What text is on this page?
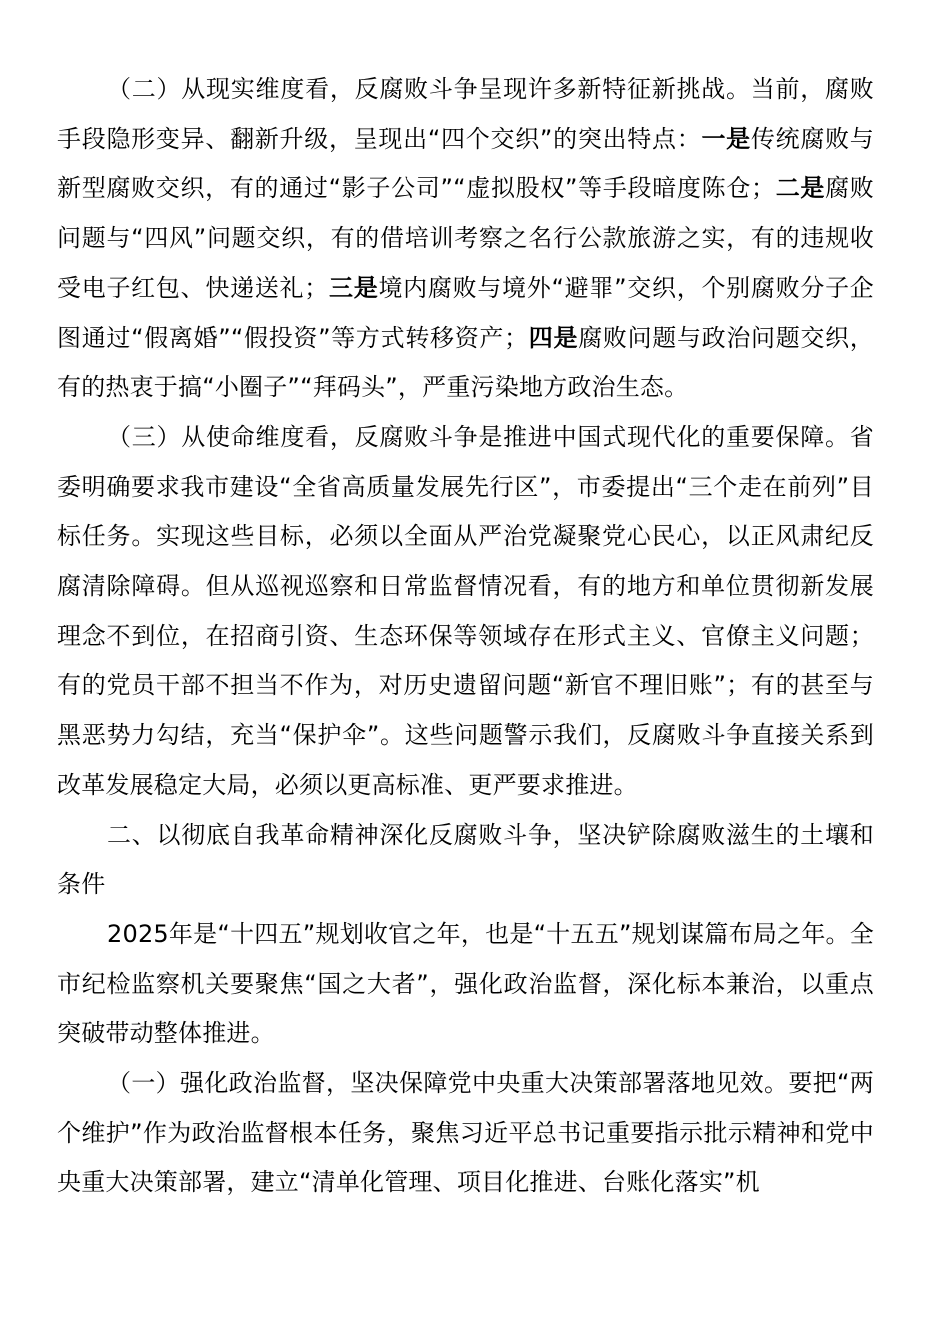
（二）从现实维度看，反腐败斗争呈现许多新特征新挑战。当前，腐败手段隐形变异、翻新升级，呈现出“四个交织”的突出特点：一是传统腐败与新型腐败交织，有的通过“影子公司”“虚拟股权”等手段暗度陈仓；二是腐败问题与“四风”问题交织，有的借培训考察之名行公款旅游之实，有的违规收受电子红包、快递送礼；三是境内腐败与境外“避罪”交织，个别腐败分子企图通过“假离婚”“假投资”等方式转移资产；四是腐败问题与政治问题交织，有的热衷于搞“小圈子”“拜码头”，严重污染地方政治生态。

（三）从使命维度看，反腐败斗争是推进中国式现代化的重要保障。省委明确要求我市建设“全省高质量发展先行区”，市委提出“三个走在前列”目标任务。实现这些目标，必须以全面从严治党凝聚党心民心，以正风肃纪反腐清除障碍。但从巡视巡察和日常监督情况看，有的地方和单位贯彻新发展理念不到位，在招商引资、生态环保等领域存在形式主义、官僚主义问题；有的党员干部不担当不作为，对历史遗留问题“新官不理旧账”；有的甚至与黑恶势力勾结，充当“保护伞”。这些问题警示我们，反腐败斗争直接关系到改革发展稳定大局，必须以更高标准、更严要求推进。

二、以彻底自我革命精神深化反腐败斗争，坚决铲除腐败滋生的土壤和条件

2025年是“十四五”规划收官之年，也是“十五五”规划谋篇布局之年。全市纪检监察机关要聚焦“国之大者”，强化政治监督，深化标本兼治，以重点突破带动整体推进。

（一）强化政治监督，坚决保障党中央重大决策部署落地见效。要把“两个维护”作为政治监督根本任务，聚焦习近平总书记重要指示批示精神和党中央重大决策部署，建立“清单化管理、项目化推进、台账化落实”机
